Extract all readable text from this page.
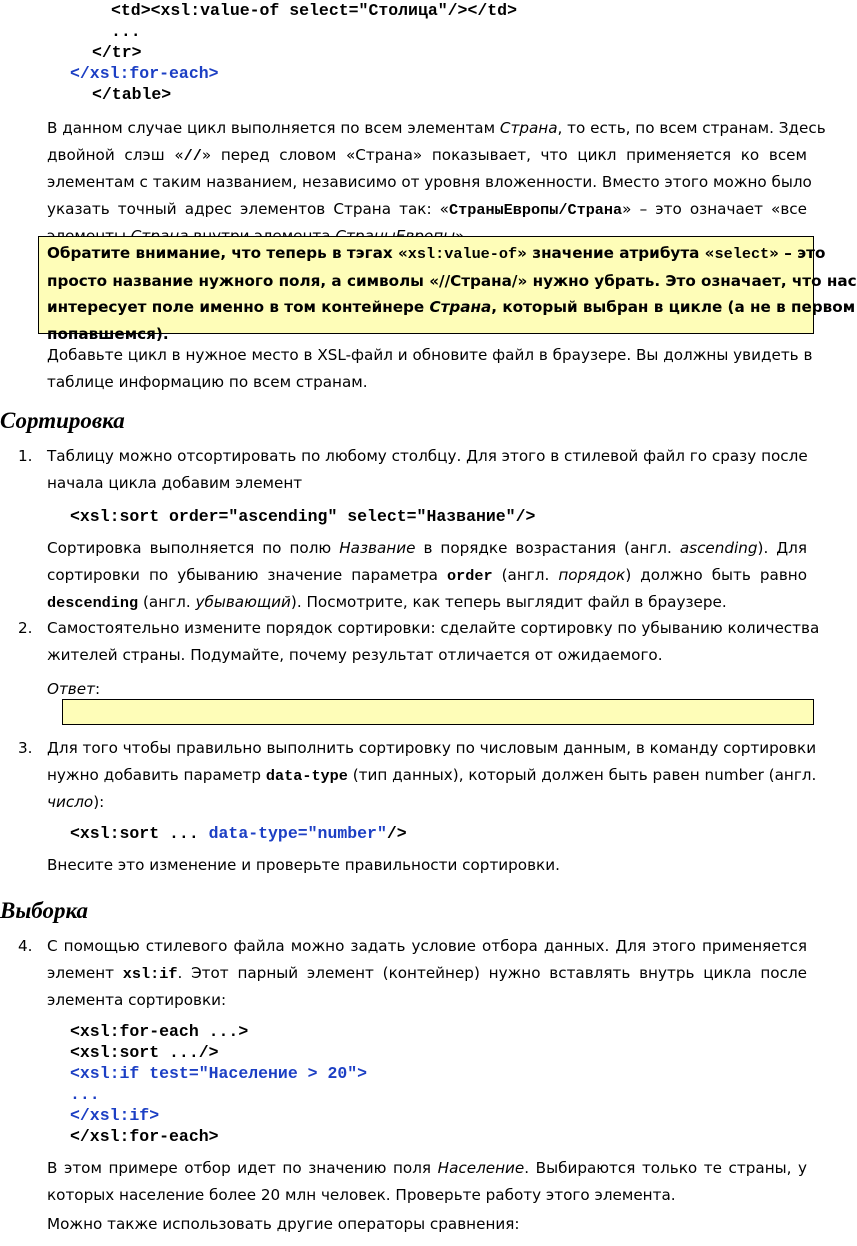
<td><xsl:value-of select="Столица"/></td>
...
</tr>
</xsl:for-each>
</table>
В данном случае цикл выполняется по всем элементам Страна, то есть, по всем странам. Здесь
двойной слэш «//» перед словом «Страна» показывает, что цикл применяется ко всем
элементам с таким названием, независимо от уровня вложенности. Вместо этого можно было
указать точный адрес элементов Страна так: «СтраныЕвропы/Страна» – это означает «все
Обратите внимание, что теперь в тэгах «xsl:value-of» значение атрибута «select» – это
просто название нужного поля, а символы «//Страна/» нужно убрать. Это означает, что нас
интересует поле именно в том контейнере Страна, который выбран в цикле (а не в первом
попавшемся).
Добавьте цикл в нужное место в XSL-файл и обновите файл в браузере. Вы должны увидеть в
таблице информацию по всем странам.
Сортировка
1. Таблицу можно отсортировать по любому столбцу. Для этого в стилевой файл го сразу после
начала цикла добавим элемент
<xsl:sort order="ascending" select="Название"/>
Сортировка выполняется по полю Название в порядке возрастания (англ. ascending). Для
сортировки по убыванию значение параметра order (англ. порядок) должно быть равно
descending (англ. убывающий). Посмотрите, как теперь выглядит файл в браузере.
2. Самостоятельно измените порядок сортировки: сделайте сортировку по убыванию количества
жителей страны. Подумайте, почему результат отличается от ожидаемого.
Ответ:
3. Для того чтобы правильно выполнить сортировку по числовым данным, в команду сортировки
нужно добавить параметр data-type (тип данных), который должен быть равен number (англ.
число):
<xsl:sort ... data-type="number"/>
Внесите это изменение и проверьте правильности сортировки.
Выборка
4. С помощью стилевого файла можно задать условие отбора данных. Для этого применяется
элемент xsl:if. Этот парный элемент (контейнер) нужно вставлять внутрь цикла после
элемента сортировки:
<xsl:for-each ...>
<xsl:sort .../>
<xsl:if test="Население > 20">
...
</xsl:if>
</xsl:for-each>
В этом примере отбор идет по значению поля Население. Выбираются только те страны, у
которых население более 20 млн человек. Проверьте работу этого элемента.
Можно также использовать другие операторы сравнения:
